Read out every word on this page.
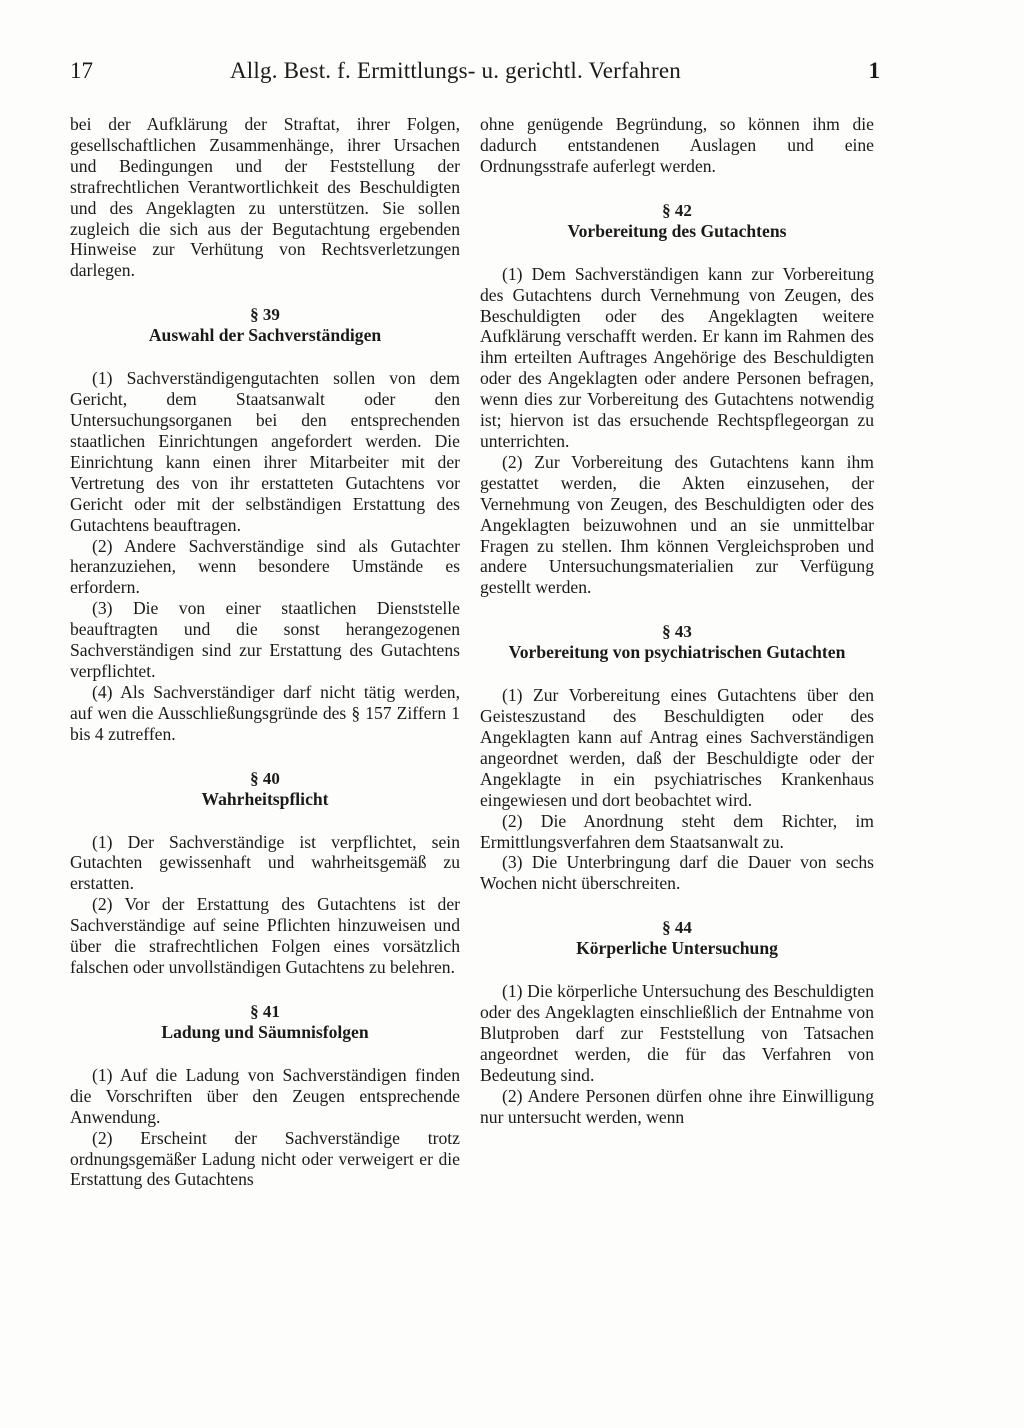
17	Allg. Best. f. Ermittlungs- u. gerichtl. Verfahren	1

bei der Aufklärung der Straftat, ihrer Folgen, gesellschaftlichen Zusammenhänge, ihrer Ursachen und Bedingungen und der Feststellung der strafrechtlichen Verantwortlichkeit des Beschuldigten und des Angeklagten zu unterstützen. Sie sollen zugleich die sich aus der Begutachtung ergebenden Hinweise zur Verhütung von Rechtsverletzungen darlegen.

§ 39

Auswahl der Sachverständigen

(1) Sachverständigengutachten sollen von dem Gericht, dem Staatsanwalt oder den Untersuchungsorganen bei den entsprechenden staatlichen Einrichtungen angefordert werden. Die Einrichtung kann einen ihrer Mitarbeiter mit der Vertretung des von ihr erstatteten Gutachtens vor Gericht oder mit der selbständigen Erstattung des Gutachtens beauftragen.

(2) Andere Sachverständige sind als Gutachter heranzuziehen, wenn besondere Umstände es erfordern.

(3) Die von einer staatlichen Dienststelle beauftragten und die sonst herangezogenen Sachverständigen sind zur Erstattung des Gutachtens verpflichtet.

(4) Als Sachverständiger darf nicht tätig werden, auf wen die Ausschließungsgründe des § 157 Ziffern 1 bis 4 zutreffen.

§ 40

Wahrheitspflicht

(1) Der Sachverständige ist verpflichtet, sein Gutachten gewissenhaft und wahrheitsgemäß zu erstatten.

(2) Vor der Erstattung des Gutachtens ist der Sachverständige auf seine Pflichten hinzuweisen und über die strafrechtlichen Folgen eines vorsätzlich falschen oder unvollständigen Gutachtens zu belehren.

§ 41

Ladung und Säumnisfolgen

(1) Auf die Ladung von Sachverständigen finden die Vorschriften über den Zeugen entsprechende Anwendung.

(2) Erscheint der Sachverständige trotz ordnungsgemäßer Ladung nicht oder verweigert er die Erstattung des Gutachtens

ohne genügende Begründung, so können ihm die dadurch entstandenen Auslagen und eine Ordnungsstrafe auferlegt werden.

§ 42

Vorbereitung des Gutachtens

(1) Dem Sachverständigen kann zur Vorbereitung des Gutachtens durch Vernehmung von Zeugen, des Beschuldigten oder des Angeklagten weitere Aufklärung verschafft werden. Er kann im Rahmen des ihm erteilten Auftrages Angehörige des Beschuldigten oder des Angeklagten oder andere Personen befragen, wenn dies zur Vorbereitung des Gutachtens notwendig ist; hiervon ist das ersuchende Rechtspflegeorgan zu unterrichten.

(2) Zur Vorbereitung des Gutachtens kann ihm gestattet werden, die Akten einzusehen, der Vernehmung von Zeugen, des Beschuldigten oder des Angeklagten beizuwohnen und an sie unmittelbar Fragen zu stellen. Ihm können Vergleichsproben und andere Untersuchungsmaterialien zur Verfügung gestellt werden.

§ 43

Vorbereitung von psychiatrischen Gutachten

(1) Zur Vorbereitung eines Gutachtens über den Geisteszustand des Beschuldigten oder des Angeklagten kann auf Antrag eines Sachverständigen angeordnet werden, daß der Beschuldigte oder der Angeklagte in ein psychiatrisches Krankenhaus eingewiesen und dort beobachtet wird.

(2) Die Anordnung steht dem Richter, im Ermittlungsverfahren dem Staatsanwalt zu.

(3) Die Unterbringung darf die Dauer von sechs Wochen nicht überschreiten.

§ 44

Körperliche Untersuchung

(1) Die körperliche Untersuchung des Beschuldigten oder des Angeklagten einschließlich der Entnahme von Blutproben darf zur Feststellung von Tatsachen angeordnet werden, die für das Verfahren von Bedeutung sind.

(2) Andere Personen dürfen ohne ihre Einwilligung nur untersucht werden, wenn
